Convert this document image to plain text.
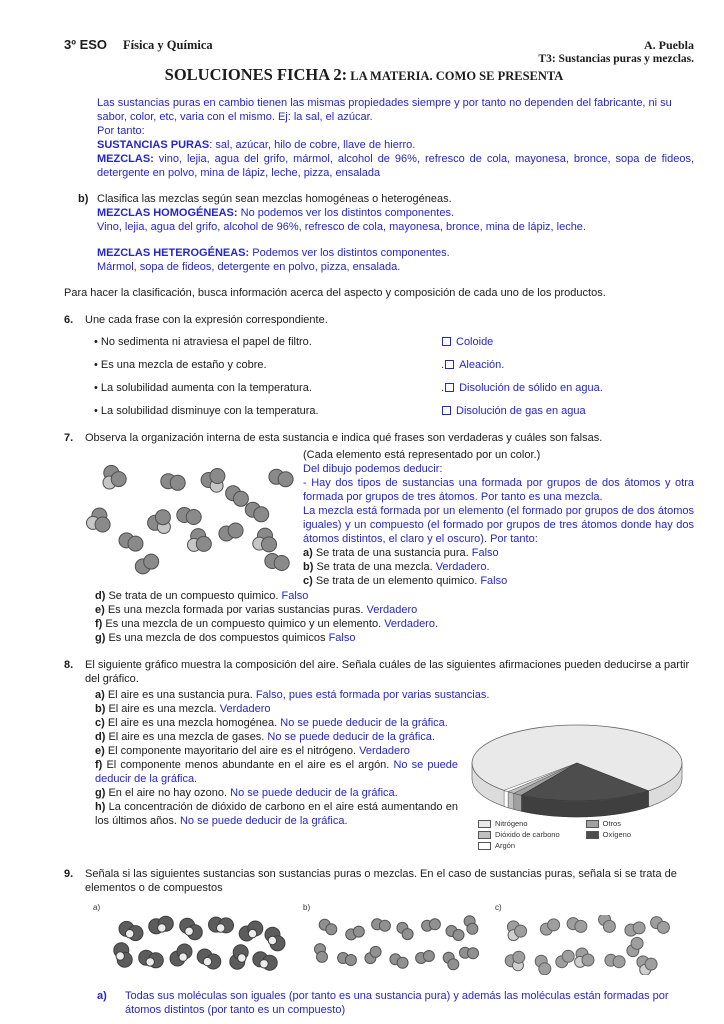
3º ESO Física y Química	A. Puebla
T3: Sustancias puras y mezclas.
SOLUCIONES FICHA 2: LA MATERIA. COMO SE PRESENTA
Las sustancias puras en cambio tienen las mismas propiedades siempre y por tanto no dependen del fabricante, ni su sabor, color, etc, varia con el mismo. Ej: la sal, el azúcar.
Por tanto:
SUSTANCIAS PURAS: sal, azúcar, hilo de cobre, llave de hierro.
MEZCLAS: vino, lejia, agua del grifo, mármol, alcohol de 96%, refresco de cola, mayonesa, bronce, sopa de fideos, detergente en polvo, mina de lápiz, leche, pizza, ensalada
b) Clasifica las mezclas según sean mezclas homogéneas o heterogéneas.
MEZCLAS HOMOGÉNEAS: No podemos ver los distintos componentes.
Vino, lejia, agua del grifo, alcohol de 96%, refresco de cola, mayonesa, bronce, mina de lápiz, leche.
MEZCLAS HETEROGÉNEAS: Podemos ver los distintos componentes.
Mármol, sopa de fideos, detergente en polvo, pizza, ensalada.
Para hacer la clasificación, busca información acerca del aspecto y composición de cada uno de los productos.
6. Une cada frase con la expresión correspondiente.
• No sedimenta ni atraviesa el papel de filtro.	Coloide
• Es una mezcla de estaño y cobre.	. Aleación.
• La solubilidad aumenta con la temperatura.	. Disolución de sólido en agua.
• La solubilidad disminuye con la temperatura.	Disolución de gas en agua
7. Observa la organización interna de esta sustancia e indica qué frases son verdaderas y cuáles son falsas.
(Cada elemento está representado por un color.)
Del dibujo podemos deducir:
- Hay dos tipos de sustancias una formada por grupos de dos átomos y otra formada por grupos de tres átomos. Por tanto es una mezcla.
La mezcla está formada por un elemento (el formado por grupos de dos átomos iguales) y un compuesto (el formado por grupos de tres átomos donde hay dos átomos distintos, el claro y el oscuro). Por tanto:
a) Se trata de una sustancia pura. Falso
b) Se trata de una mezcla. Verdadero.
c) Se trata de un elemento quimico. Falso
d) Se trata de un compuesto quimico. Falso
e) Es una mezcla formada por varias sustancias puras. Verdadero
f) Es una mezcla de un compuesto quimico y un elemento. Verdadero.
g) Es una mezcla de dos compuestos quimicos Falso
8. El siguiente gráfico muestra la composición del aire. Señala cuáles de las siguientes afirmaciones pueden deducirse a partir del gráfico.
a) El aire es una sustancia pura. Falso, pues está formada por varias sustancias.
b) El aire es una mezcla. Verdadero
Nitrógeno
Dióxido de carbono
Argón
Otros
Oxígeno
c) El aire es una mezcla homogénea. No se puede deducir de la gráfica.
d) El aire es una mezcla de gases. No se puede deducir de la gráfica.
e) El componente mayoritario del aire es el nitrógeno. Verdadero
f) El componente menos abundante en el aire es el argón. No se puede deducir de la gráfica.
g) En el aire no hay ozono. No se puede deducir de la gráfica.
h) La concentración de dióxido de carbono en el aire está aumentando en los últimos años. No se puede deducir de la gráfica.
9. Señala si las siguientes sustancias son sustancias puras o mezclas. En el caso de sustancias puras, señala si se trata de elementos o de compuestos
a)	b)	c)
a) Todas sus moléculas son iguales (por tanto es una sustancia pura) y además las moléculas están formadas por átomos distintos (por tanto es un compuesto)
